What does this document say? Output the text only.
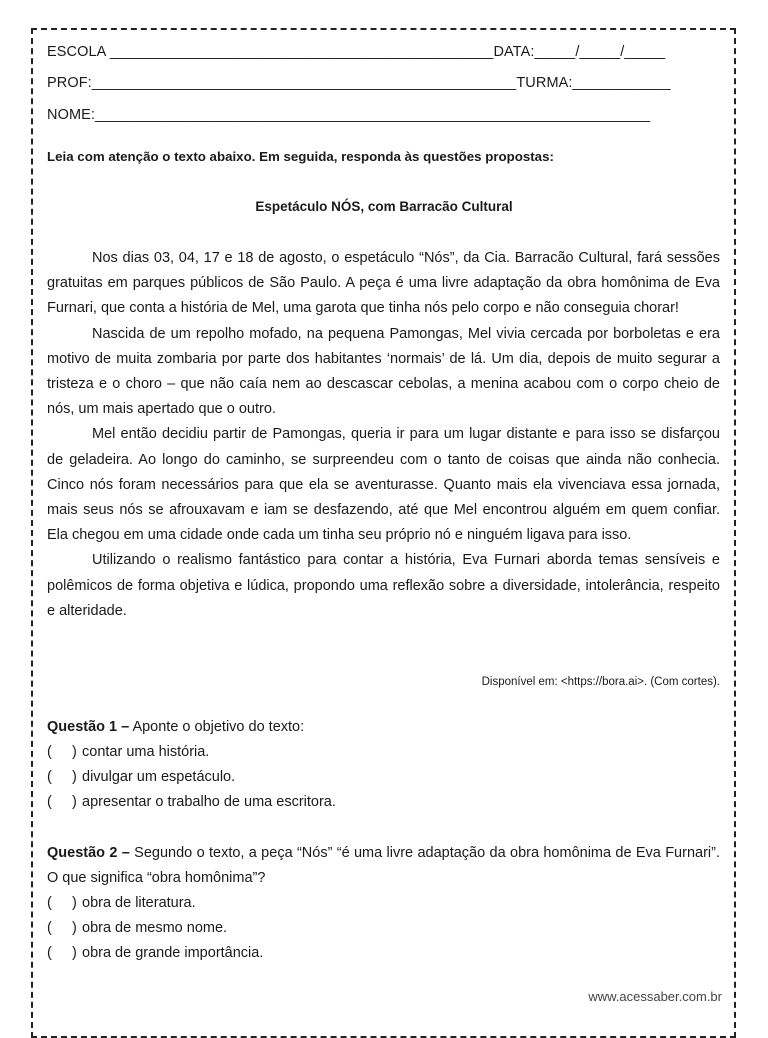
ESCOLA _______________________________________________DATA:_____/_____/_____
PROF:____________________________________________________TURMA:____________
NOME:____________________________________________________________________
Leia com atenção o texto abaixo. Em seguida, responda às questões propostas:
Espetáculo NÓS, com Barracão Cultural

Nos dias 03, 04, 17 e 18 de agosto, o espetáculo “Nós”, da Cia. Barracão Cultural, fará sessões gratuitas em parques públicos de São Paulo. A peça é uma livre adaptação da obra homônima de Eva Furnari, que conta a história de Mel, uma garota que tinha nós pelo corpo e não conseguia chorar!

Nascida de um repolho mofado, na pequena Pamongas, Mel vivia cercada por borboletas e era motivo de muita zombaria por parte dos habitantes ‘normais’ de lá. Um dia, depois de muito segurar a tristeza e o choro – que não caía nem ao descascar cebolas, a menina acabou com o corpo cheio de nós, um mais apertado que o outro.

Mel então decidiu partir de Pamongas, queria ir para um lugar distante e para isso se disfarçou de geladeira. Ao longo do caminho, se surpreendeu com o tanto de coisas que ainda não conhecia. Cinco nós foram necessários para que ela se aventurasse. Quanto mais ela vivenciava essa jornada, mais seus nós se afrouxavam e iam se desfazendo, até que Mel encontrou alguém em quem confiar. Ela chegou em uma cidade onde cada um tinha seu próprio nó e ninguém ligava para isso.

Utilizando o realismo fantástico para contar a história, Eva Furnari aborda temas sensíveis e polêmicos de forma objetiva e lúdica, propondo uma reflexão sobre a diversidade, intolerância, respeito e alteridade.

Disponível em: <https://bora.ai>. (Com cortes).
Questão 1 – Aponte o objetivo do texto:
(     ) contar uma história.
(     ) divulgar um espetáculo.
(     ) apresentar o trabalho de uma escritora.
Questão 2 – Segundo o texto, a peça “Nós” “é uma livre adaptação da obra homônima de Eva Furnari”. O que significa “obra homônima”?
(     ) obra de literatura.
(     ) obra de mesmo nome.
(     ) obra de grande importância.
www.acessaber.com.br
